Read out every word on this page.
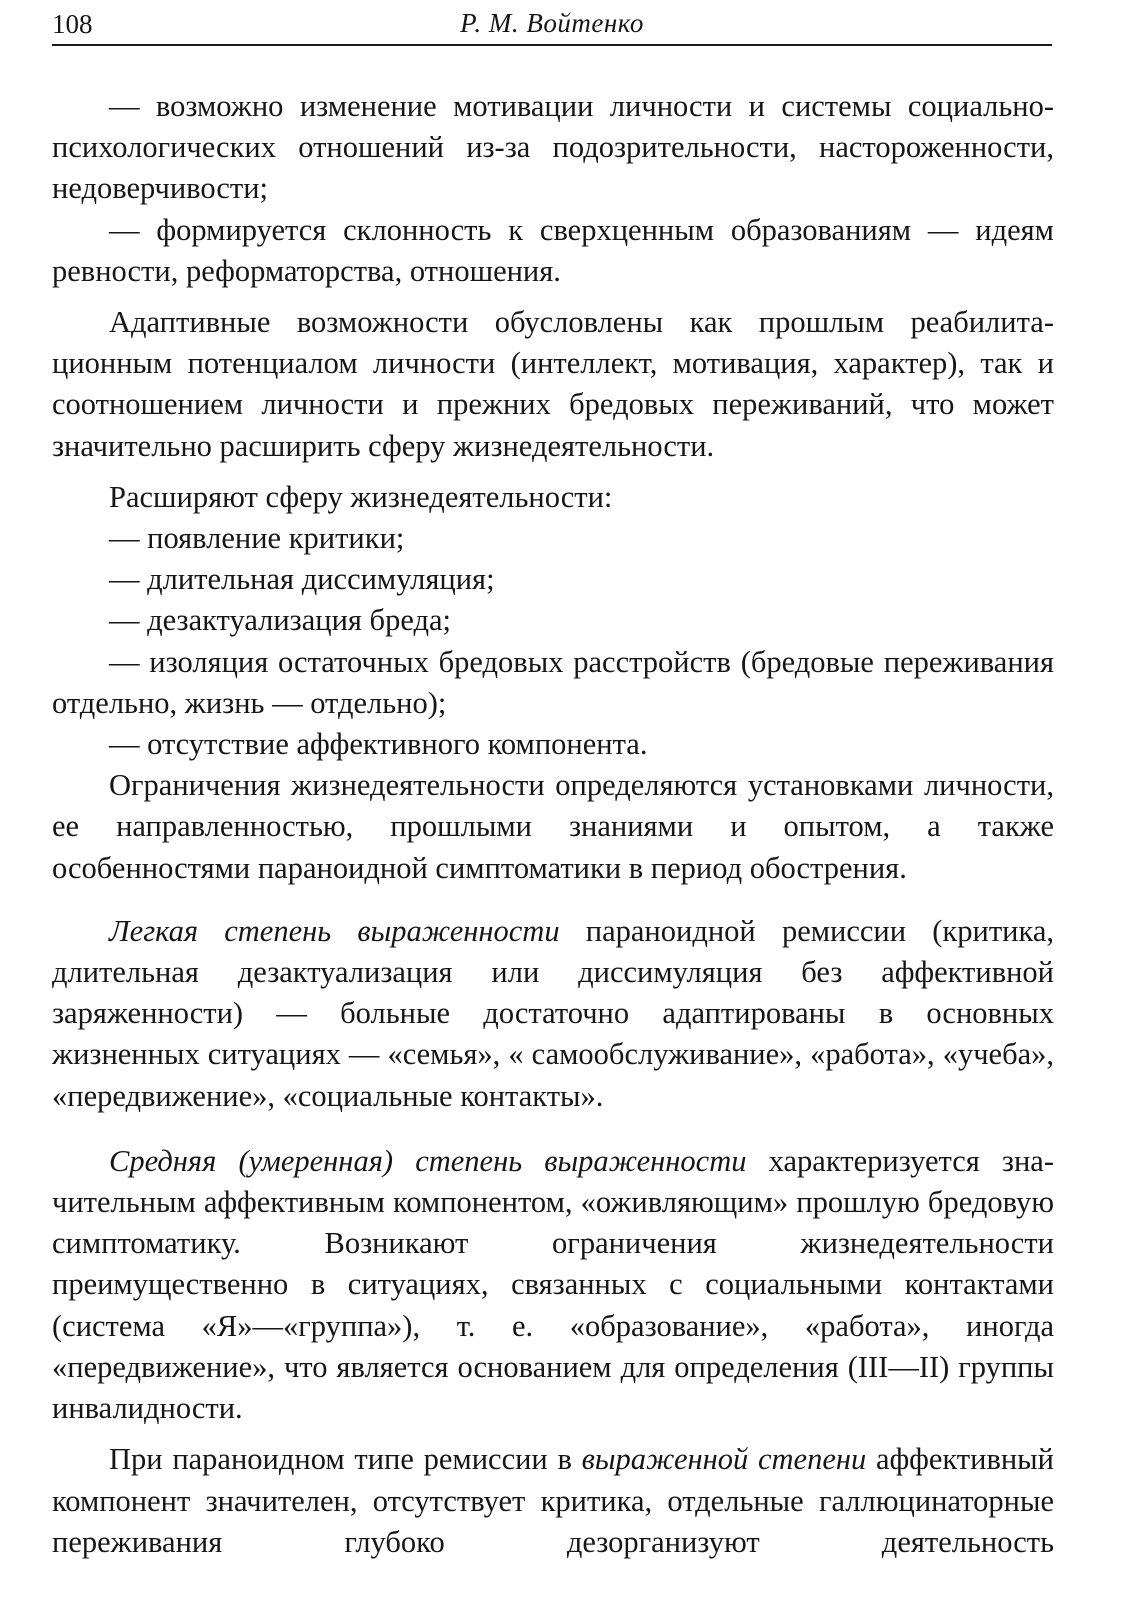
108	Р. М. Войтенко

— возможно изменение мотивации личности и системы социально-психологических отношений из-за подозрительности, настороженности, недоверчивости;

— формируется склонность к сверхценным образованиям — идеям ревности, реформаторства, отношения.

Адаптивные возможности обусловлены как прошлым реабилитационным потенциалом личности (интеллект, мотивация, характер), так и соотношением личности и прежних бредовых переживаний, что может значительно расширить сферу жизнедеятельности.

Расширяют сферу жизнедеятельности:

— появление критики;

— длительная диссимуляция;

— дезактуализация бреда;

— изоляция остаточных бредовых расстройств (бредовые переживания отдельно, жизнь — отдельно);

— отсутствие аффективного компонента.

Ограничения жизнедеятельности определяются установками личности, ее направленностью, прошлыми знаниями и опытом, а также особенностями параноидной симптоматики в период обострения.

Легкая степень выраженности параноидной ремиссии (критика, длительная дезактуализация или диссимуляция без аффективной заряженности) — больные достаточно адаптированы в основных жизненных ситуациях — «семья», « самообслуживание», «работа», «учеба», «передвижение», «социальные контакты».

Средняя (умеренная) степень выраженности характеризуется значительным аффективным компонентом, «оживляющим» прошлую бредовую симптоматику. Возникают ограничения жизнедеятельности преимущественно в ситуациях, связанных с социальными контактами (система «Я»—«группа»), т. е. «образование», «работа», иногда «передвижение», что является основанием для определения (III—II) группы инвалидности.

При параноидном типе ремиссии в выраженной степени аффективный компонент значителен, отсутствует критика, отдельные галлюцинаторные переживания глубоко дезорганизуют деятельность
